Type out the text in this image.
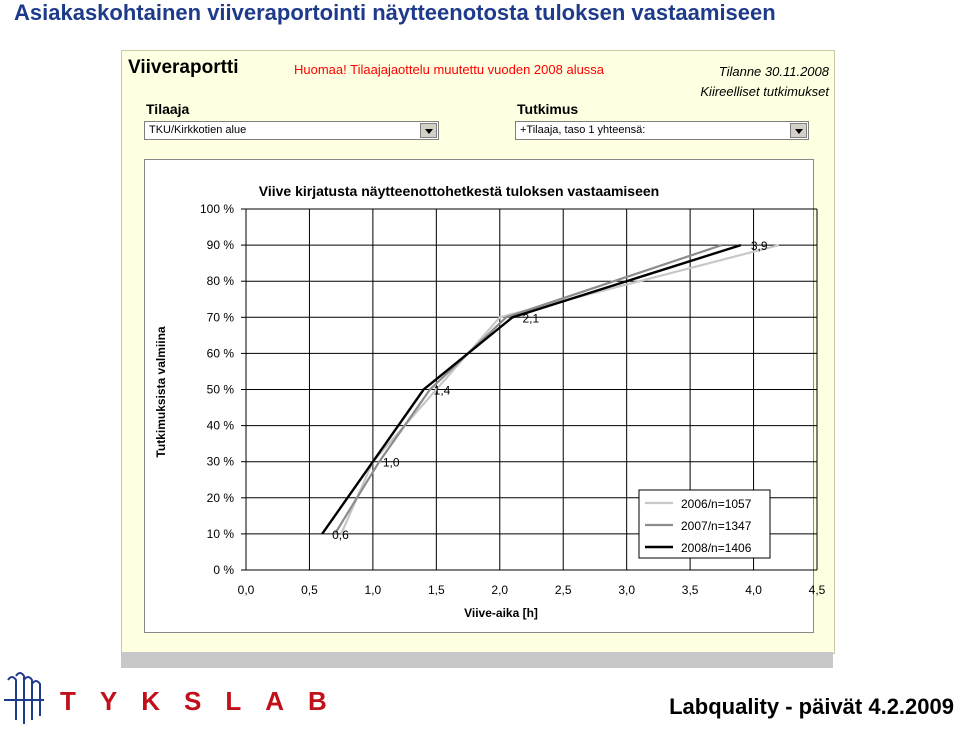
Asiakaskohtainen viiveraportointi näytteenotosta tuloksen vastaamiseen
Viiveraportti	Huomaa! Tilaajajaottelu muutettu vuoden 2008 alussa	Tilanne 30.11.2008
Kiireelliset tutkimukset
Tilaaja
TKU/Kirkkotien alue
Tutkimus
+Tilaaja, taso 1 yhteensä:
Viive kirjatusta näytteenottohetkestä tuloksen vastaamiseen
Viive-aika [h]
Tutkimuksista valmiina
0,0	0,5	1,0	1,5	2,0	2,5	3,0	3,5	4,0	4,5
0 %
10 %
20 %
30 %
40 %
50 %
60 %
70 %
80 %
90 %
100 %
0,6
1,0
1,4
2,1
3,9
2006/n=1057
2007/n=1347
2008/n=1406
TYKSLAB	Labquality - päivät 4.2.2009
